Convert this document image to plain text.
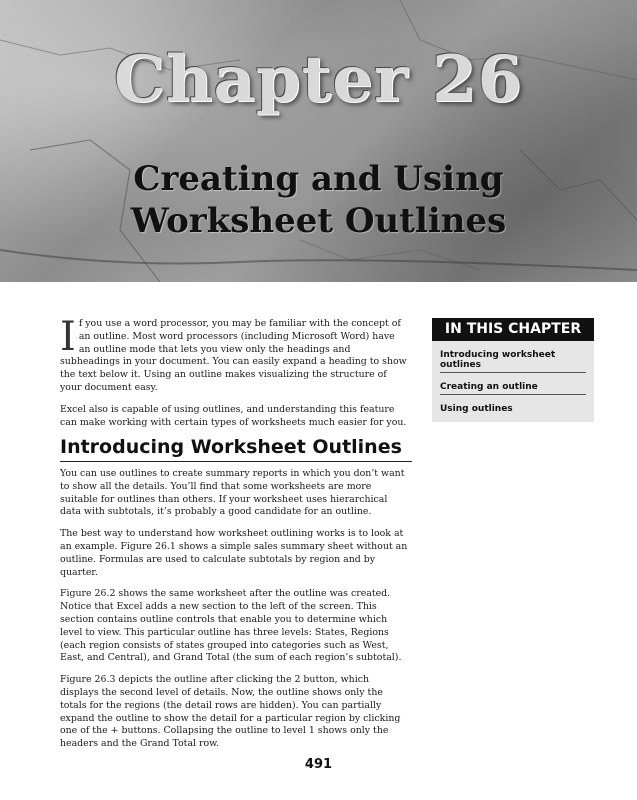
Chapter 26
Creating and Using
Worksheet Outlines
IN THIS CHAPTER
Introducing worksheet outlines
Creating an outline
Using outlines

I f you use a word processor, you may be familiar with the concept of an outline. Most word processors (including Microsoft Word) have an outline mode that lets you view only the headings and subheadings in your document. You can easily expand a heading to show the text below it. Using an outline makes visualizing the structure of your document easy.

Excel also is capable of using outlines, and understanding this feature can make working with certain types of worksheets much easier for you.

Introducing Worksheet Outlines

You can use outlines to create summary reports in which you don’t want to show all the details. You’ll find that some worksheets are more suitable for outlines than others. If your worksheet uses hierarchical data with subtotals, it’s probably a good candidate for an outline.

The best way to understand how worksheet outlining works is to look at an example. Figure 26.1 shows a simple sales summary sheet without an outline. Formulas are used to calculate subtotals by region and by quarter.

Figure 26.2 shows the same worksheet after the outline was created. Notice that Excel adds a new section to the left of the screen. This section contains outline controls that enable you to determine which level to view. This particular outline has three levels: States, Regions (each region consists of states grouped into categories such as West, East, and Central), and Grand Total (the sum of each region’s subtotal).

Figure 26.3 depicts the outline after clicking the 2 button, which displays the second level of details. Now, the outline shows only the totals for the regions (the detail rows are hidden). You can partially expand the outline to show the detail for a particular region by clicking one of the + buttons. Collapsing the outline to level 1 shows only the headers and the Grand Total row.

491
